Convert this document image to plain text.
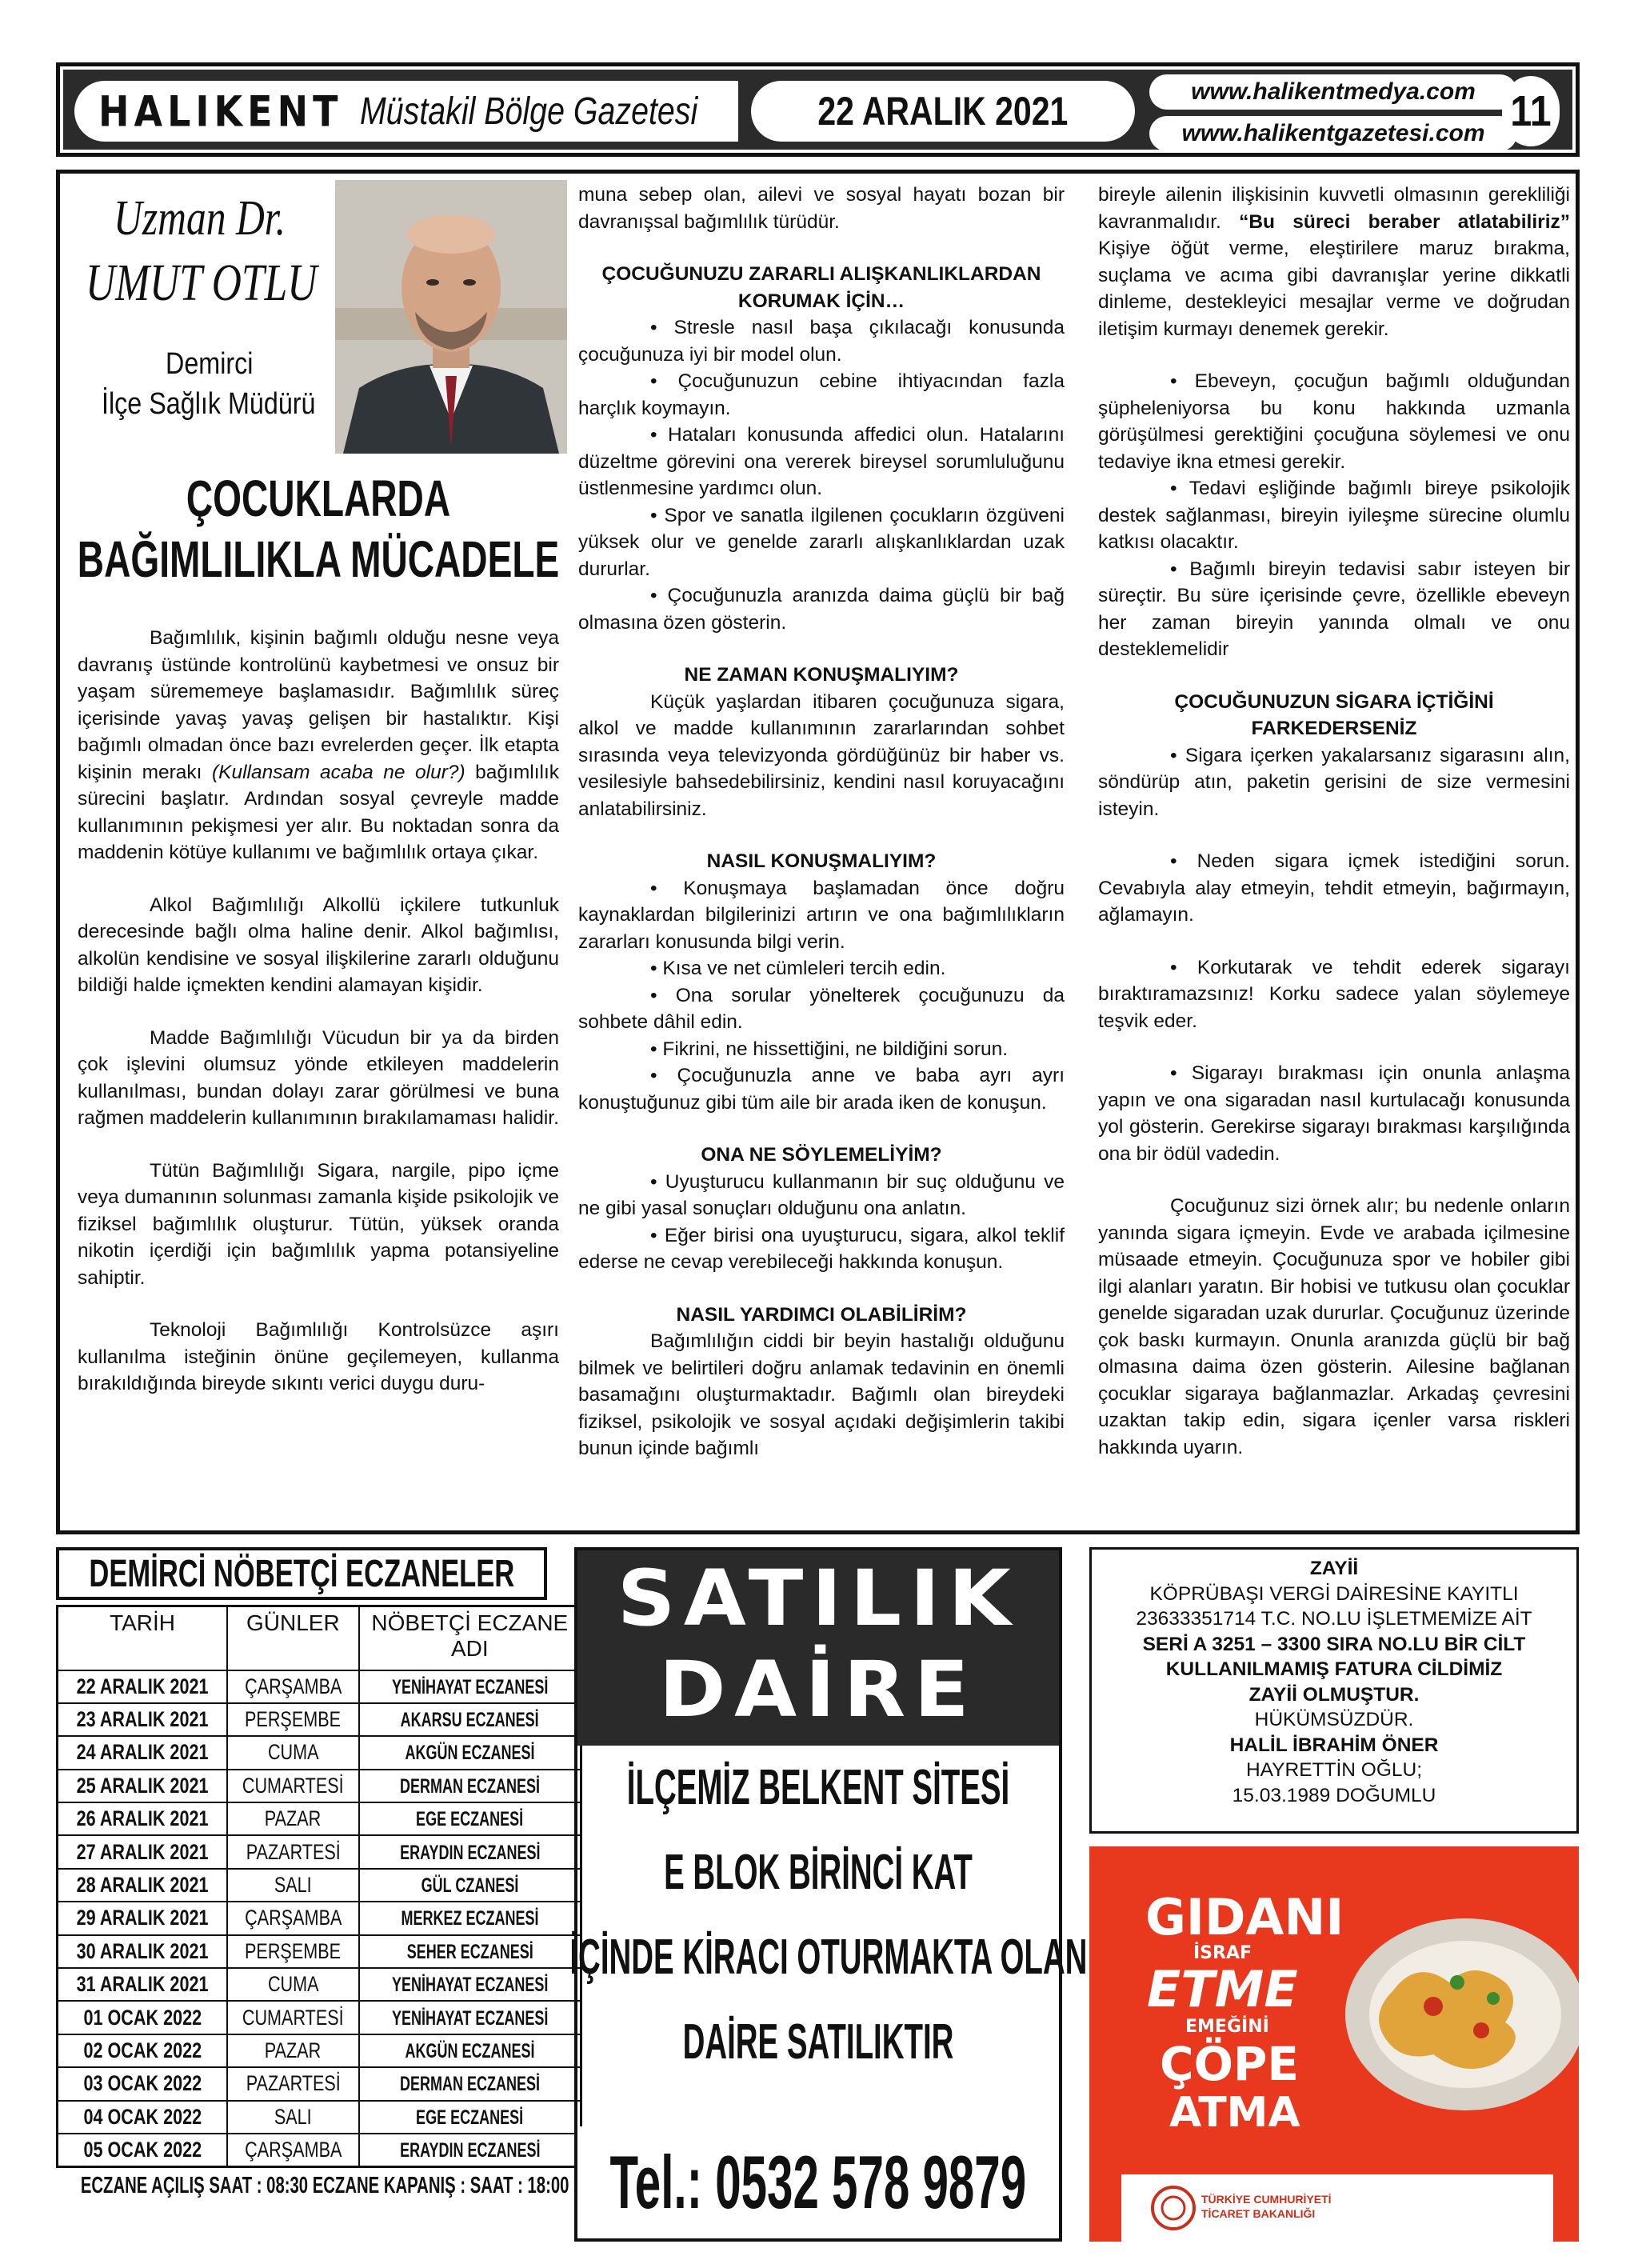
HALIKENT Müstakil Bölge Gazetesi	22 ARALIK 2021	www.halikentmedya.com
www.halikentgazetesi.com 11
Uzman Dr.
UMUT OTLU
Demirci
İlçe Sağlık Müdürü
ÇOCUKLARDA
BAĞIMLILIKLA MÜCADELE

Bağımlılık, kişinin bağımlı olduğu nesne veya davranış üstünde kontrolünü kaybetmesi ve onsuz bir yaşam sürememeye başlamasıdır. Bağımlılık süreç içerisinde yavaş yavaş gelişen bir hastalıktır. Kişi bağımlı olmadan önce bazı evrelerden geçer. İlk etapta kişinin merakı (Kullansam acaba ne olur?) bağımlılık sürecini başlatır. Ardından sosyal çevreyle madde kullanımının pekişmesi yer alır. Bu noktadan sonra da maddenin kötüye kullanımı ve bağımlılık ortaya çıkar.

Alkol Bağımlılığı Alkollü içkilere tutkunluk derecesinde bağlı olma haline denir. Alkol bağımlısı, alkolün kendisine ve sosyal ilişkilerine zararlı olduğunu bildiği halde içmekten kendini alamayan kişidir.

Madde Bağımlılığı Vücudun bir ya da birden çok işlevini olumsuz yönde etkileyen maddelerin kullanılması, bundan dolayı zarar görülmesi ve buna rağmen maddelerin kullanımının bırakılamaması halidir.

Tütün Bağımlılığı Sigara, nargile, pipo içme veya dumanının solunması zamanla kişide psikolojik ve fiziksel bağımlılık oluşturur. Tütün, yüksek oranda nikotin içerdiği için bağımlılık yapma potansiyeline sahiptir.

Teknoloji Bağımlılığı Kontrolsüzce aşırı kullanılma isteğinin önüne geçilemeyen, kullanma bırakıldığında bireyde sıkıntı verici duygu duru-

muna sebep olan, ailevi ve sosyal hayatı bozan bir davranışsal bağımlılık türüdür.

ÇOCUĞUNUZU ZARARLI ALIŞKANLIKLARDAN KORUMAK İÇİN…

• Stresle nasıl başa çıkılacağı konusunda çocuğunuza iyi bir model olun.

• Çocuğunuzun cebine ihtiyacından fazla harçlık koymayın.

• Hataları konusunda affedici olun. Hatalarını düzeltme görevini ona vererek bireysel sorumluluğunu üstlenmesine yardımcı olun.

• Spor ve sanatla ilgilenen çocukların özgüveni yüksek olur ve genelde zararlı alışkanlıklardan uzak dururlar.

• Çocuğunuzla aranızda daima güçlü bir bağ olmasına özen gösterin.

NE ZAMAN KONUŞMALIYIM?

Küçük yaşlardan itibaren çocuğunuza sigara, alkol ve madde kullanımının zararlarından sohbet sırasında veya televizyonda gördüğünüz bir haber vs. vesilesiyle bahsedebilirsiniz, kendini nasıl koruyacağını anlatabilirsiniz.

NASIL KONUŞMALIYIM?

• Konuşmaya başlamadan önce doğru kaynaklardan bilgilerinizi artırın ve ona bağımlılıkların zararları konusunda bilgi verin.

• Kısa ve net cümleleri tercih edin.

• Ona sorular yönelterek çocuğunuzu da sohbete dâhil edin.

• Fikrini, ne hissettiğini, ne bildiğini sorun.

• Çocuğunuzla anne ve baba ayrı ayrı konuştuğunuz gibi tüm aile bir arada iken de konuşun.

ONA NE SÖYLEMELİYİM?

• Uyuşturucu kullanmanın bir suç olduğunu ve ne gibi yasal sonuçları olduğunu ona anlatın.

• Eğer birisi ona uyuşturucu, sigara, alkol teklif ederse ne cevap verebileceği hakkında konuşun.

NASIL YARDIMCI OLABİLİRİM?

Bağımlılığın ciddi bir beyin hastalığı olduğunu bilmek ve belirtileri doğru anlamak tedavinin en önemli basamağını oluşturmaktadır. Bağımlı olan bireydeki fiziksel, psikolojik ve sosyal açıdaki değişimlerin takibi bunun içinde bağımlı

bireyle ailenin ilişkisinin kuvvetli olmasının gerekliliği kavranmalıdır. “Bu süreci beraber atlatabiliriz” Kişiye öğüt verme, eleştirilere maruz bırakma, suçlama ve acıma gibi davranışlar yerine dikkatli dinleme, destekleyici mesajlar verme ve doğrudan iletişim kurmayı denemek gerekir.

• Ebeveyn, çocuğun bağımlı olduğundan şüpheleniyorsa bu konu hakkında uzmanla görüşülmesi gerektiğini çocuğuna söylemesi ve onu tedaviye ikna etmesi gerekir.

• Tedavi eşliğinde bağımlı bireye psikolojik destek sağlanması, bireyin iyileşme sürecine olumlu katkısı olacaktır.

• Bağımlı bireyin tedavisi sabır isteyen bir süreçtir. Bu süre içerisinde çevre, özellikle ebeveyn her zaman bireyin yanında olmalı ve onu desteklemelidir

ÇOCUĞUNUZUN SİGARA İÇTİĞİNİ FARKEDERSENİZ

• Sigara içerken yakalarsanız sigarasını alın, söndürüp atın, paketin gerisini de size vermesini isteyin.

• Neden sigara içmek istediğini sorun. Cevabıyla alay etmeyin, tehdit etmeyin, bağırmayın, ağlamayın.

• Korkutarak ve tehdit ederek sigarayı bıraktıramazsınız! Korku sadece yalan söylemeye teşvik eder.

• Sigarayı bırakması için onunla anlaşma yapın ve ona sigaradan nasıl kurtulacağı konusunda yol gösterin. Gerekirse sigarayı bırakması karşılığında ona bir ödül vadedin.

Çocuğunuz sizi örnek alır; bu nedenle onların yanında sigara içmeyin. Evde ve arabada içilmesine müsaade etmeyin. Çocuğunuza spor ve hobiler gibi ilgi alanları yaratın. Bir hobisi ve tutkusu olan çocuklar genelde sigaradan uzak dururlar. Çocuğunuz üzerinde çok baskı kurmayın. Onunla aranızda güçlü bir bağ olmasına daima özen gösterin. Ailesine bağlanan çocuklar sigaraya bağlanmazlar. Arkadaş çevresini uzaktan takip edin, sigara içenler varsa riskleri hakkında uyarın.

DEMİRCİ NÖBETÇİ ECZANELER
TARİH	GÜNLER	NÖBETÇİ ECZANE ADI
22 ARALIK 2021	ÇARŞAMBA	YENİHAYAT ECZANESİ
23 ARALIK 2021	PERŞEMBE	AKARSU ECZANESİ
24 ARALIK 2021	CUMA	AKGÜN ECZANESİ
25 ARALIK 2021	CUMARTESİ	DERMAN ECZANESİ
26 ARALIK 2021	PAZAR	EGE ECZANESİ
27 ARALIK 2021	PAZARTESİ	ERAYDIN ECZANESİ
28 ARALIK 2021	SALI	GÜL CZANESİ
29 ARALIK 2021	ÇARŞAMBA	MERKEZ ECZANESİ
30 ARALIK 2021	PERŞEMBE	SEHER ECZANESİ
31 ARALIK 2021	CUMA	YENİHAYAT ECZANESİ
01 OCAK 2022	CUMARTESİ	YENİHAYAT ECZANESİ
02 OCAK 2022	PAZAR	AKGÜN ECZANESİ
03 OCAK 2022	PAZARTESİ	DERMAN ECZANESİ
04 OCAK 2022	SALI	EGE ECZANESİ
05 OCAK 2022	ÇARŞAMBA	ERAYDIN ECZANESİ
ECZANE AÇILIŞ SAAT : 08:30 ECZANE KAPANIŞ : SAAT : 18:00
SATILIK
DAİRE
İLÇEMİZ BELKENT SİTESİ
E BLOK BİRİNCİ KAT
İÇİNDE KİRACI OTURMAKTA OLAN
DAİRE SATILIKTIR
Tel.: 0532 578 9879
ZAYİİ
KÖPRÜBAŞI VERGİ DAİRESİNE KAYITLI
23633351714 T.C. NO.LU İŞLETMEMİZE AİT
SERİ A 3251 – 3300 SIRA NO.LU BİR CİLT
KULLANILMAMIŞ FATURA CİLDİMİZ
ZAYİİ OLMUŞTUR.
HÜKÜMSÜZDÜR.
HALİL İBRAHİM ÖNER
HAYRETTİN OĞLU;
15.03.1989 DOĞUMLU
GIDANI
İSRAF
ETME
EMEĞİNİ
ÇÖPE
ATMA
TÜRKİYE CUMHURİYETİ
TİCARET BAKANLIĞI
